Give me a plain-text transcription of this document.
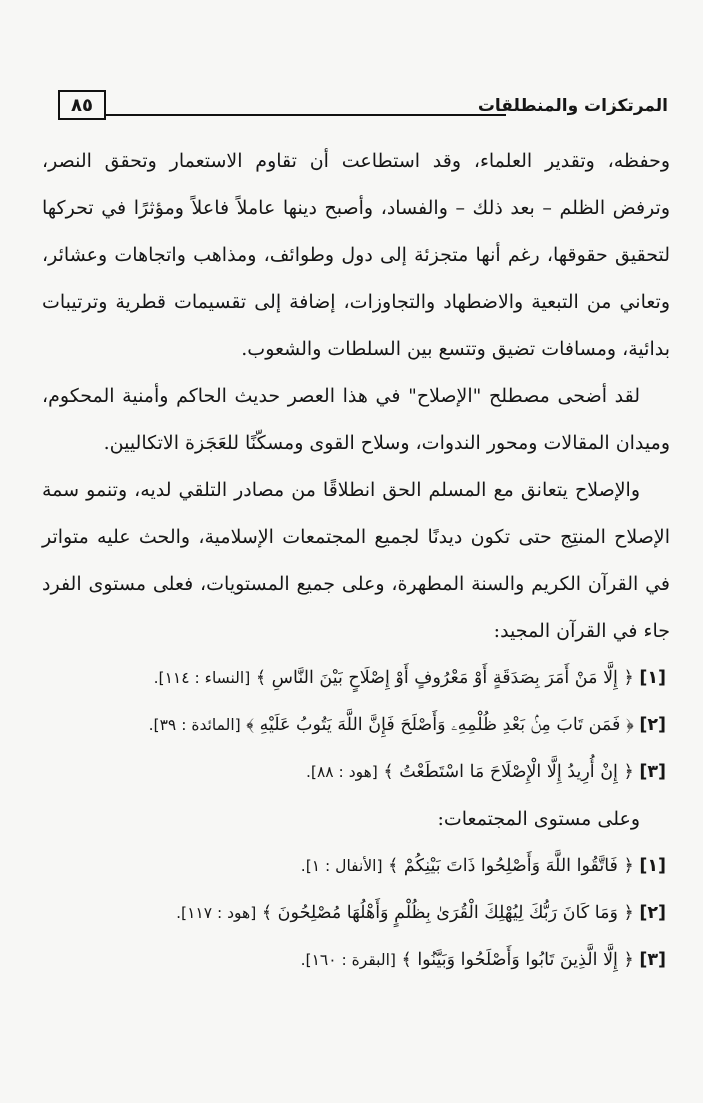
٨٥	المرتكزات والمنطلقات

وحفظه، وتقدير العلماء، وقد استطاعت أن تقاوم الاستعمار وتحقق النصر، وترفض الظلم – بعد ذلك – والفساد، وأصبح دينها عاملاً فاعلاً ومؤثرًا في تحركها لتحقيق حقوقها، رغم أنها متجزئة إلى دول وطوائف، ومذاهب واتجاهات وعشائر، وتعاني من التبعية والاضطهاد والتجاوزات، إضافة إلى تقسيمات قطرية وترتيبات بدائية، ومسافات تضيق وتتسع بين السلطات والشعوب.

لقد أضحى مصطلح "الإصلاح" في هذا العصر حديث الحاكم وأمنية المحكوم، وميدان المقالات ومحور الندوات، وسلاح القوى ومسكّنًا للعَجَزة الاتكاليين.

والإصلاح يتعانق مع المسلم الحق انطلاقًا من مصادر التلقي لديه، وتنمو سمة الإصلاح المنتِج حتى تكون ديدنًا لجميع المجتمعات الإسلامية، والحث عليه متواتر في القرآن الكريم والسنة المطهرة، وعلى جميع المستويات، فعلى مستوى الفرد جاء في القرآن المجيد:

[١] ﴿ إِلَّا مَنْ أَمَرَ بِصَدَقَةٍ أَوْ مَعْرُوفٍ أَوْ إِصْلَاحٍ بَيْنَ النَّاسِ ﴾ [النساء : ١١٤].
[٢] ﴿ فَمَن تَابَ مِنۢ بَعْدِ ظُلْمِهِۦ وَأَصْلَحَ فَإِنَّ اللَّهَ يَتُوبُ عَلَيْهِ ﴾ [المائدة : ٣٩].
[٣] ﴿ إِنْ أُرِيدُ إِلَّا الْإِصْلَاحَ مَا اسْتَطَعْتُ ﴾ [هود : ٨٨].

وعلى مستوى المجتمعات:

[١] ﴿ فَاتَّقُوا اللَّهَ وَأَصْلِحُوا ذَاتَ بَيْنِكُمْ ﴾ [الأنفال : ١].
[٢] ﴿ وَمَا كَانَ رَبُّكَ لِيُهْلِكَ الْقُرَىٰ بِظُلْمٍ وَأَهْلُهَا مُصْلِحُونَ ﴾ [هود : ١١٧].
[٣] ﴿ إِلَّا الَّذِينَ تَابُوا وَأَصْلَحُوا وَبَيَّنُوا ﴾ [البقرة : ١٦٠].
